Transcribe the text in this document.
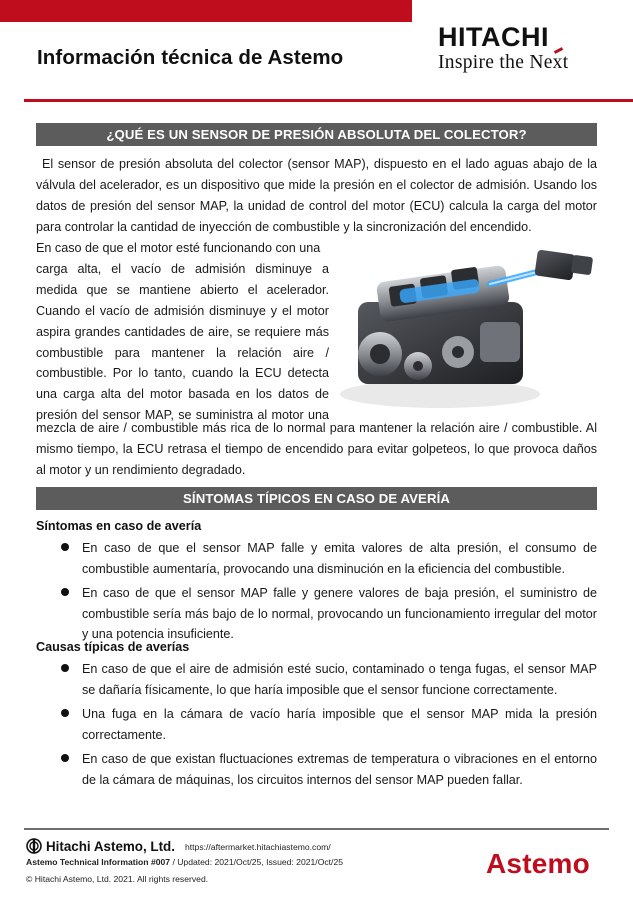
Información técnica de Astemo
HITACHI
Inspire the Next
¿QUÉ ES UN SENSOR DE PRESIÓN ABSOLUTA DEL COLECTOR?
El sensor de presión absoluta del colector (sensor MAP), dispuesto en el lado aguas abajo de la válvula del acelerador, es un dispositivo que mide la presión en el colector de admisión. Usando los datos de presión del sensor MAP, la unidad de control del motor (ECU) calcula la carga del motor para controlar la cantidad de inyección de combustible y la sincronización del encendido.
En caso de que el motor esté funcionando con una
carga alta, el vacío de admisión disminuye a
medida que se mantiene abierto el acelerador.
Cuando el vacío de admisión disminuye y el motor
aspira grandes cantidades de aire, se requiere más
combustible para mantener la relación aire /
combustible. Por lo tanto, cuando la ECU detecta
una carga alta del motor basada en los datos de
presión del sensor MAP, se suministra al motor una
mezcla de aire / combustible más rica de lo normal para mantener la relación aire / combustible. Al mismo tiempo, la ECU retrasa el tiempo de encendido para evitar golpeteos, lo que provoca daños al motor y un rendimiento degradado.
SÍNTOMAS TÍPICOS EN CASO DE AVERÍA
Síntomas en caso de avería
En caso de que el sensor MAP falle y emita valores de alta presión, el consumo de combustible aumentaría, provocando una disminución en la eficiencia del combustible.
En caso de que el sensor MAP falle y genere valores de baja presión, el suministro de combustible sería más bajo de lo normal, provocando un funcionamiento irregular del motor y una potencia insuficiente.
Causas típicas de averías
En caso de que el aire de admisión esté sucio, contaminado o tenga fugas, el sensor MAP se dañaría físicamente, lo que haría imposible que el sensor funcione correctamente.
Una fuga en la cámara de vacío haría imposible que el sensor MAP mida la presión correctamente.
En caso de que existan fluctuaciones extremas de temperatura o vibraciones en el entorno de la cámara de máquinas, los circuitos internos del sensor MAP pueden fallar.
Hitachi Astemo, Ltd. https://aftermarket.hitachiastemo.com/
Astemo Technical Information #007 / Updated: 2021/Oct/25, Issued: 2021/Oct/25
© Hitachi Astemo, Ltd. 2021. All rights reserved.	Astemo
